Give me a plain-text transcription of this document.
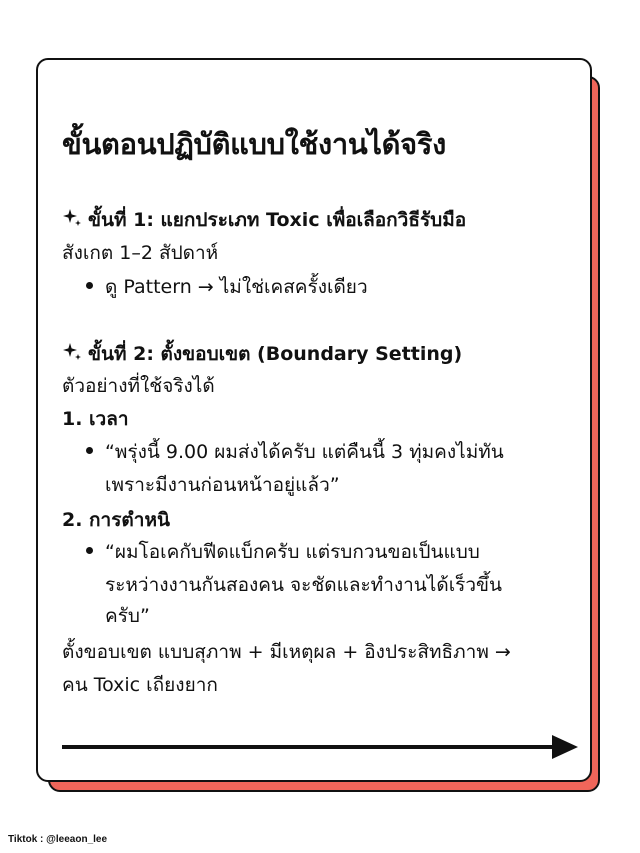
ขั้นตอนปฏิบัติแบบใช้งานได้จริง
ขั้นที่ 1: แยกประเภท Toxic เพื่อเลือกวิธีรับมือ
สังเกต 1–2 สัปดาห์
ดู Pattern → ไม่ใช่เคสครั้งเดียว
ขั้นที่ 2: ตั้งขอบเขต (Boundary Setting)
ตัวอย่างที่ใช้จริงได้
1. เวลา
“พรุ่งนี้ 9.00 ผมส่งได้ครับ แต่คืนนี้ 3 ทุ่มคงไม่ทัน
เพราะมีงานก่อนหน้าอยู่แล้ว”
2. การตำหนิ
“ผมโอเคกับฟีดแบ็กครับ แต่รบกวนขอเป็นแบบ
ระหว่างงานกันสองคน จะชัดและทำงานได้เร็วขึ้น
ครับ”
ตั้งขอบเขต แบบสุภาพ + มีเหตุผล + อิงประสิทธิภาพ →
คน Toxic เถียงยาก
Tiktok : @leeaon_lee
